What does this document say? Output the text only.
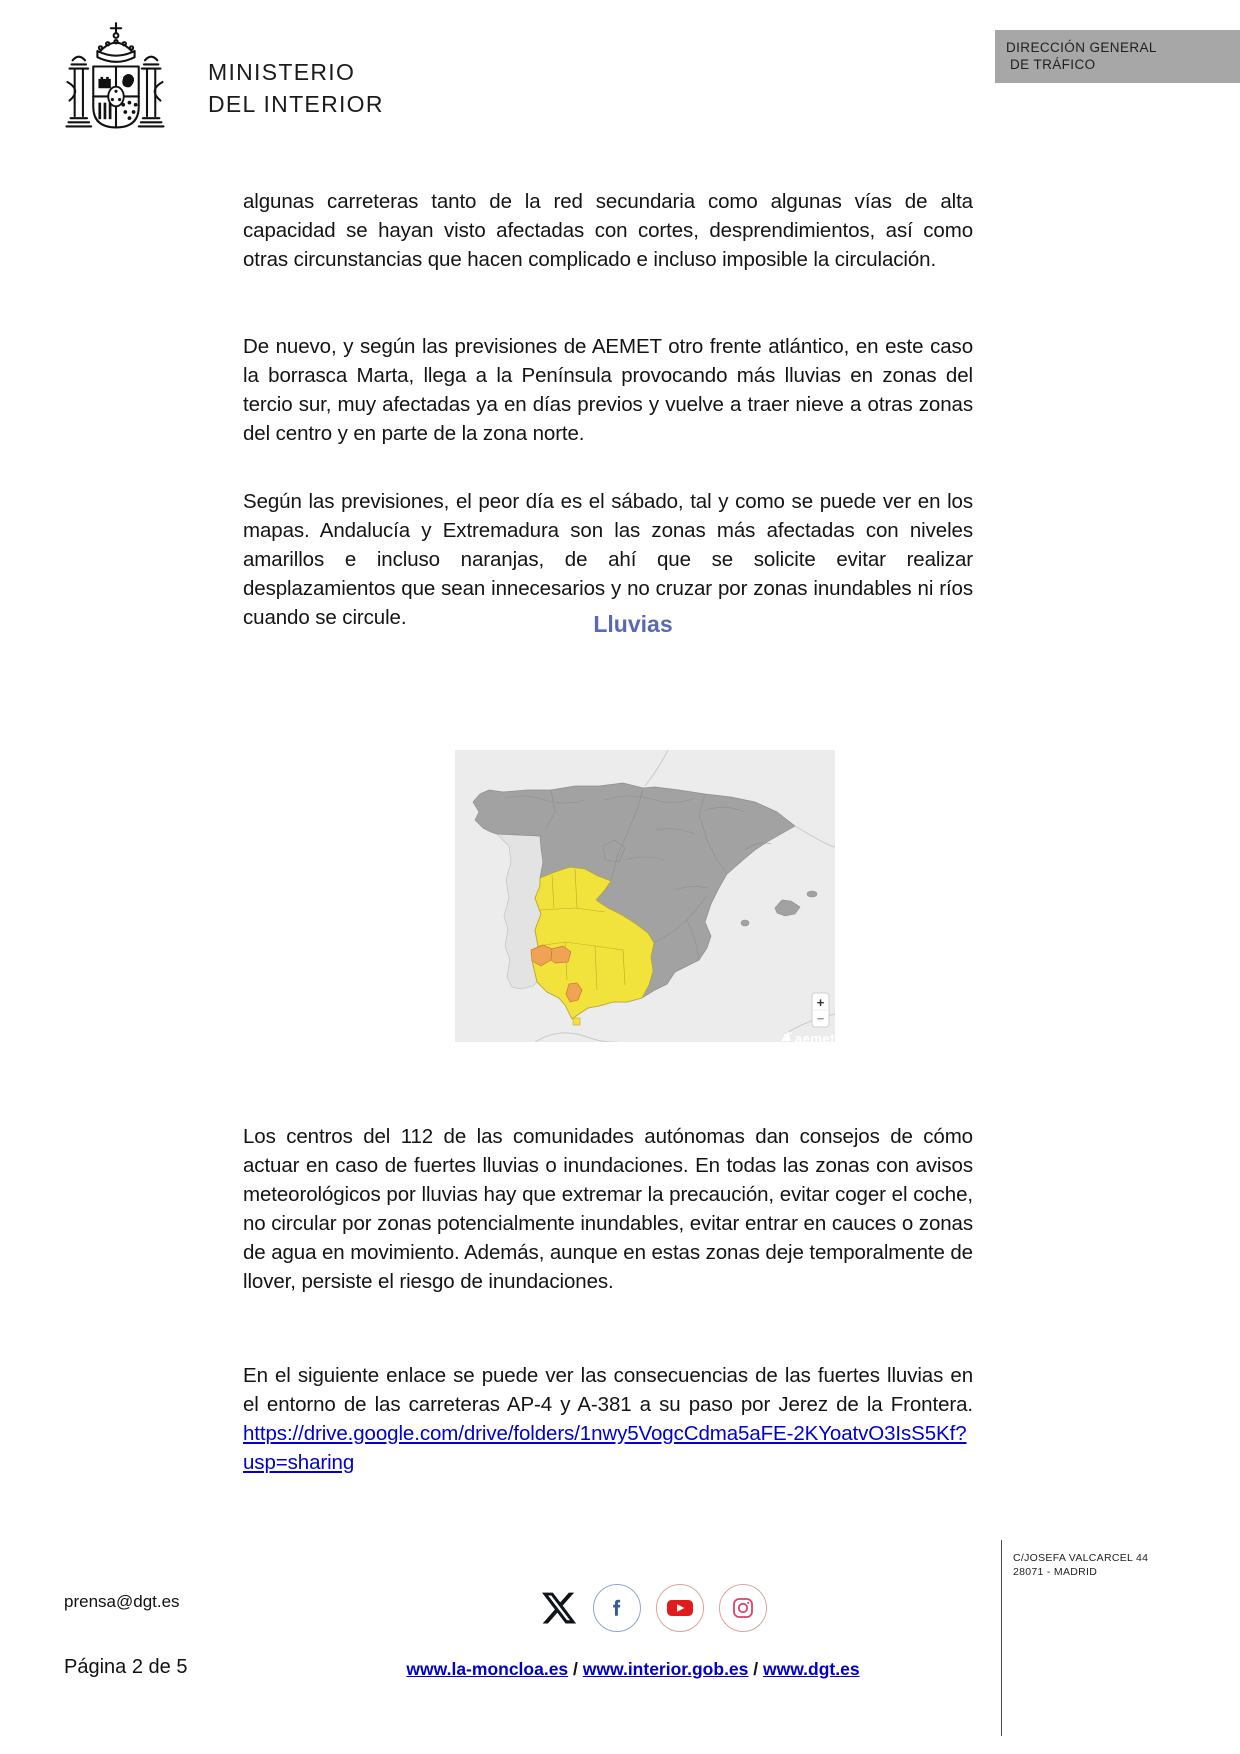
MINISTERIO
DEL INTERIOR
DIRECCIÓN GENERAL
DE TRÁFICO

algunas carreteras tanto de la red secundaria como algunas vías de alta capacidad se hayan visto afectadas con cortes, desprendimientos, así como otras circunstancias que hacen complicado e incluso imposible la circulación.

De nuevo, y según las previsiones de AEMET otro frente atlántico, en este caso la borrasca Marta, llega a la Península provocando más lluvias en zonas del tercio sur, muy afectadas ya en días previos y vuelve a traer nieve a otras zonas del centro y en parte de la zona norte.

Según las previsiones, el peor día es el sábado, tal y como se puede ver en los mapas. Andalucía y Extremadura son las zonas más afectadas con niveles amarillos e incluso naranjas, de ahí que se solicite evitar realizar desplazamientos que sean innecesarios y no cruzar por zonas inundables ni ríos cuando se circule.	Lluvias
+
−
aemet

Los centros del 112 de las comunidades autónomas dan consejos de cómo actuar en caso de fuertes lluvias o inundaciones. En todas las zonas con avisos meteorológicos por lluvias hay que extremar la precaución, evitar coger el coche, no circular por zonas potencialmente inundables, evitar entrar en cauces o zonas de agua en movimiento. Además, aunque en estas zonas deje temporalmente de llover, persiste el riesgo de inundaciones.

En el siguiente enlace se puede ver las consecuencias de las fuertes lluvias en el entorno de las carreteras AP-4 y A-381 a su paso por Jerez de la Frontera. https://drive.google.com/drive/folders/1nwy5VogcCdma5aFE-2KYoatvO3IsS5Kf?usp=sharing

prensa@dgt.es
Página 2 de 5
C/JOSEFA VALCARCEL 44
28071 - MADRID
www.la-moncloa.es / www.interior.gob.es / www.dgt.es
